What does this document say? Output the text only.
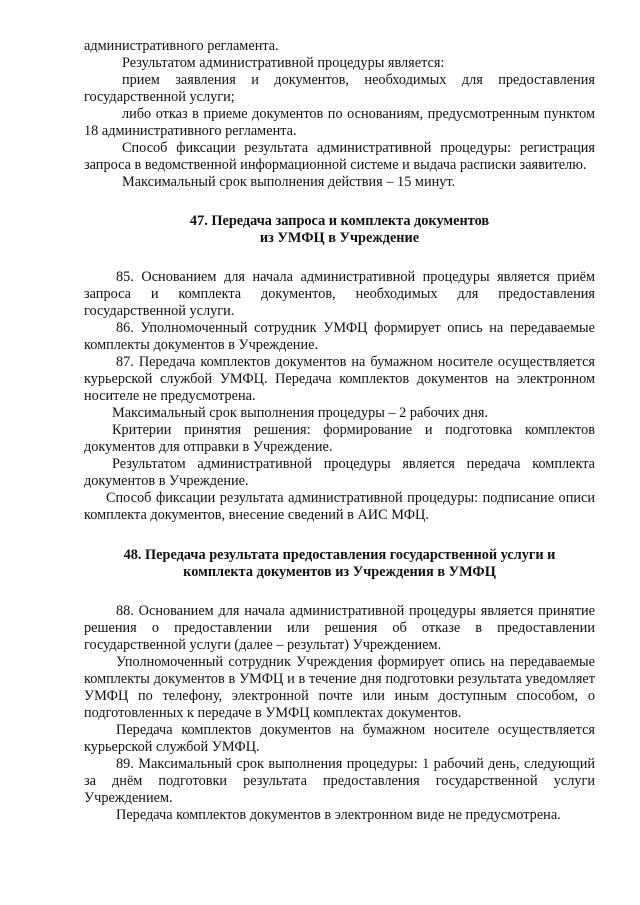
административного регламента.

Результатом административной процедуры является:

прием заявления и документов, необходимых для предоставления государственной услуги;

либо отказ в приеме документов по основаниям, предусмотренным пунктом 18 административного регламента.

Способ фиксации результата административной процедуры: регистрация запроса в ведомственной информационной системе и выдача расписки заявителю.

Максимальный срок выполнения действия – 15 минут.

47. Передача запроса и комплекта документов
из УМФЦ в Учреждение

85. Основанием для начала административной процедуры является приём запроса и комплекта документов, необходимых для предоставления государственной услуги.

86. Уполномоченный сотрудник УМФЦ формирует опись на передаваемые комплекты документов в Учреждение.

87. Передача комплектов документов на бумажном носителе осуществляется курьерской службой УМФЦ. Передача комплектов документов на электронном носителе не предусмотрена.

Максимальный срок выполнения процедуры – 2 рабочих дня.

Критерии принятия решения: формирование и подготовка комплектов документов для отправки в Учреждение.

Результатом административной процедуры является передача комплекта документов в Учреждение.

Способ фиксации результата административной процедуры: подписание описи комплекта документов, внесение сведений в АИС МФЦ.

48. Передача результата предоставления государственной услуги и
комплекта документов из Учреждения в УМФЦ

88. Основанием для начала административной процедуры является принятие решения о предоставлении или решения об отказе в предоставлении государственной услуги (далее – результат) Учреждением.

Уполномоченный сотрудник Учреждения формирует опись на передаваемые комплекты документов в УМФЦ и в течение дня подготовки результата уведомляет УМФЦ по телефону, электронной почте или иным доступным способом, о подготовленных к передаче в УМФЦ комплектах документов.

Передача комплектов документов на бумажном носителе осуществляется курьерской службой УМФЦ.

89. Максимальный срок выполнения процедуры: 1 рабочий день, следующий за днём подготовки результата предоставления государственной услуги Учреждением.

Передача комплектов документов в электронном виде не предусмотрена.
